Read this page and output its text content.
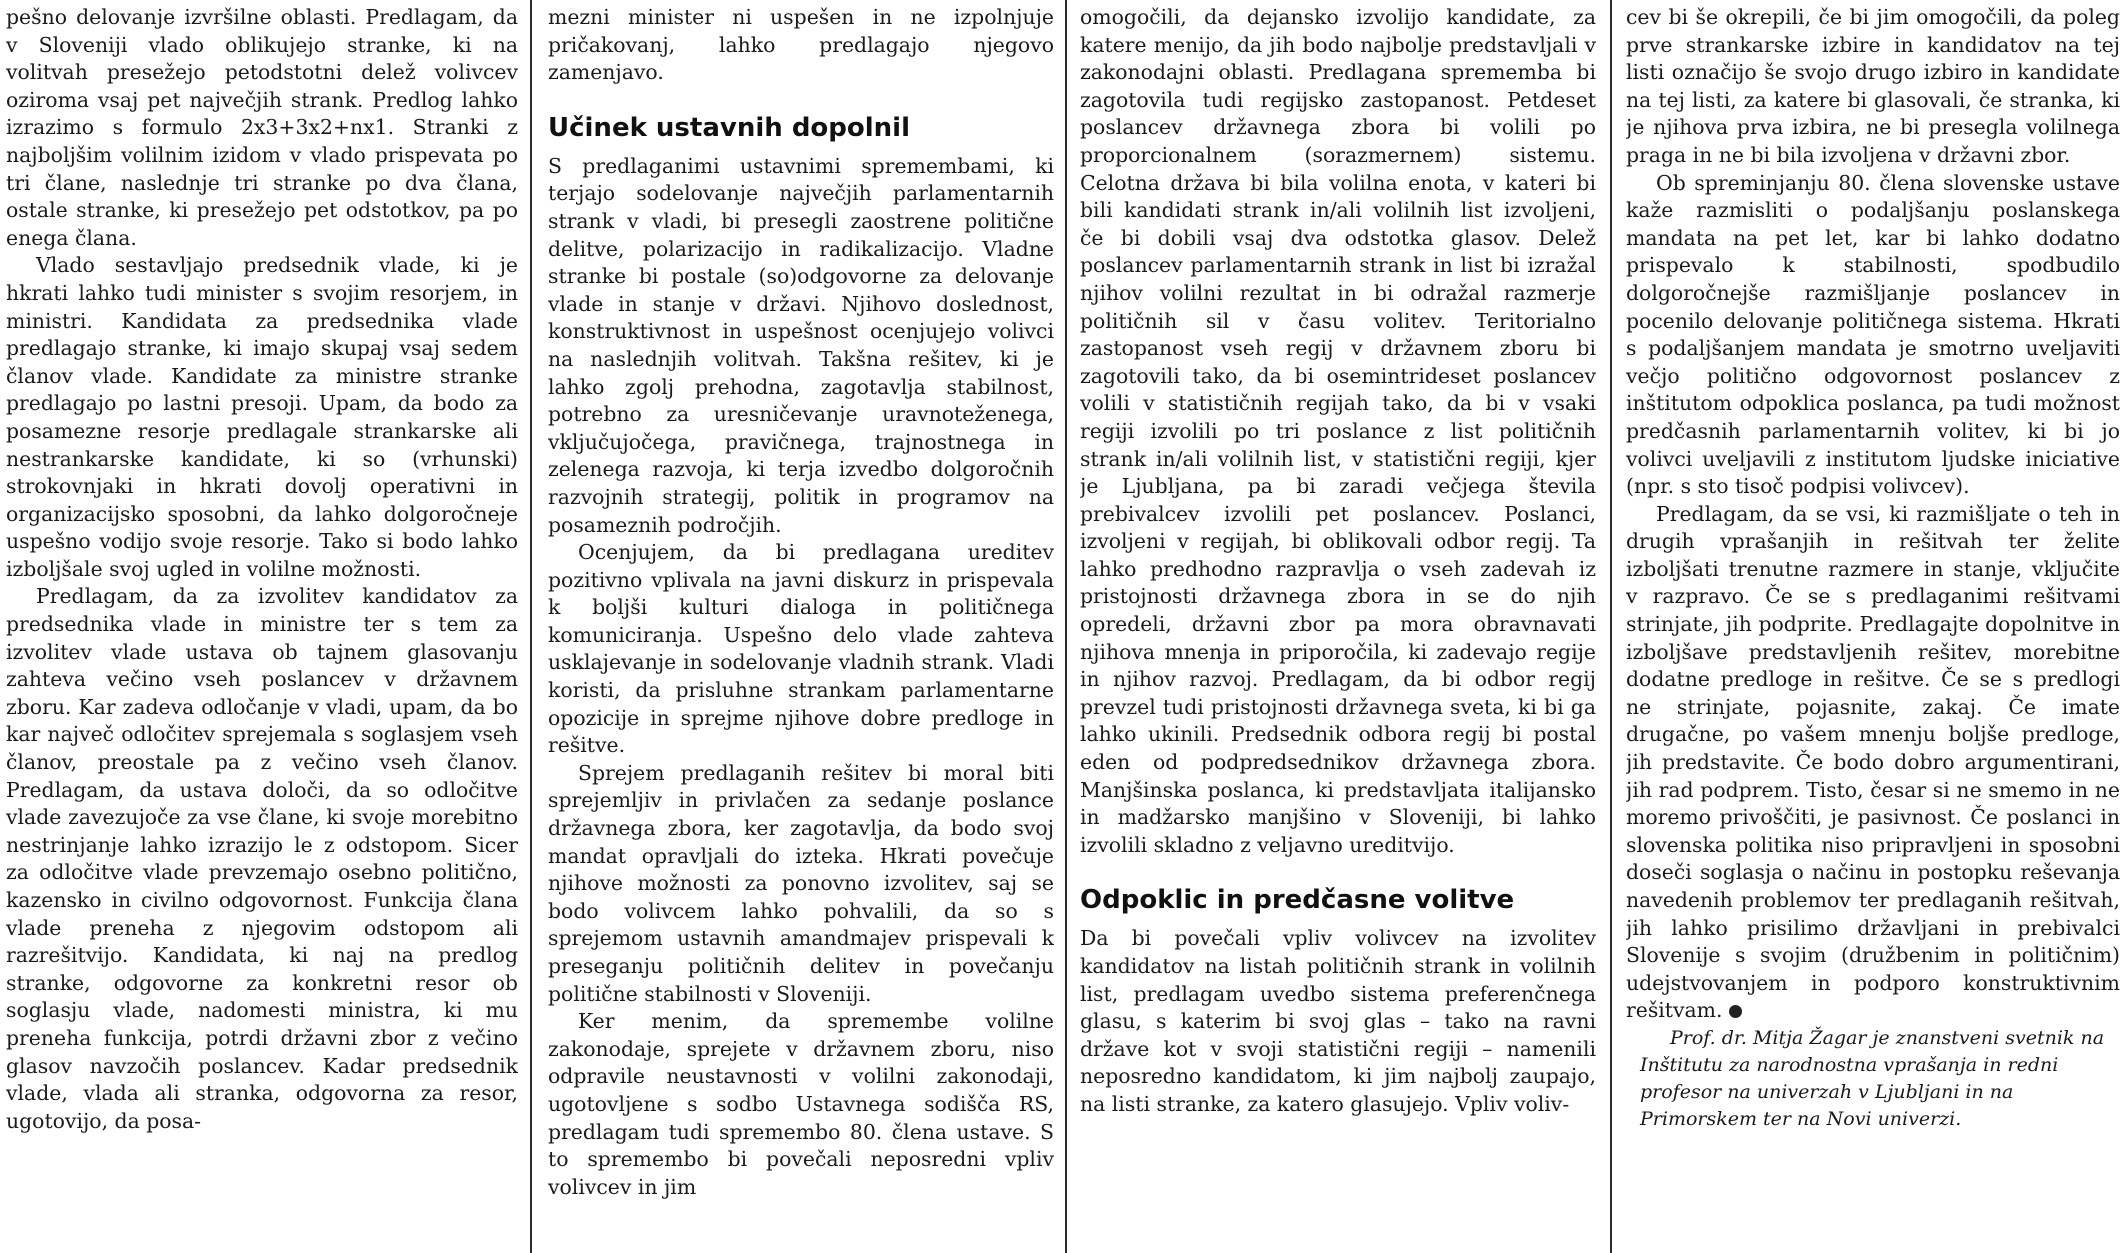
pešno delovanje izvršilne oblasti. Predlagam, da v Sloveniji vlado oblikujejo stranke, ki na volitvah presežejo petodstotni delež volivcev oziroma vsaj pet največjih strank. Predlog lahko izrazimo s formulo 2x3+3x2+nx1. Stranki z najboljšim volilnim izidom v vlado prispevata po tri člane, naslednje tri stranke po dva člana, ostale stranke, ki presežejo pet odstotkov, pa po enega člana.

Vlado sestavljajo predsednik vlade, ki je hkrati lahko tudi minister s svojim resorjem, in ministri. Kandidata za predsednika vlade predlagajo stranke, ki imajo skupaj vsaj sedem članov vlade. Kandidate za ministre stranke predlagajo po lastni presoji. Upam, da bodo za posamezne resorje predlagale strankarske ali nestrankarske kandidate, ki so (vrhunski) strokovnjaki in hkrati dovolj operativni in organizacijsko sposobni, da lahko dolgoročneje uspešno vodijo svoje resorje. Tako si bodo lahko izboljšale svoj ugled in volilne možnosti.

Predlagam, da za izvolitev kandidatov za predsednika vlade in ministre ter s tem za izvolitev vlade ustava ob tajnem glasovanju zahteva večino vseh poslancev v državnem zboru. Kar zadeva odločanje v vladi, upam, da bo kar največ odločitev sprejemala s soglasjem vseh članov, preostale pa z večino vseh članov. Predlagam, da ustava določi, da so odločitve vlade zavezujoče za vse člane, ki svoje morebitno nestrinjanje lahko izrazijo le z odstopom. Sicer za odločitve vlade prevzemajo osebno politično, kazensko in civilno odgovornost. Funkcija člana vlade preneha z njegovim odstopom ali razrešitvijo. Kandidata, ki naj na predlog stranke, odgovorne za konkretni resor ob soglasju vlade, nadomesti ministra, ki mu preneha funkcija, potrdi državni zbor z večino glasov navzočih poslancev. Kadar predsednik vlade, vlada ali stranka, odgovorna za resor, ugotovijo, da posa-

mezni minister ni uspešen in ne izpolnjuje pričakovanj, lahko predlagajo njegovo zamenjavo.

Učinek ustavnih dopolnil

S predlaganimi ustavnimi spremembami, ki terjajo sodelovanje največjih parlamentarnih strank v vladi, bi presegli zaostrene politične delitve, polarizacijo in radikalizacijo. Vladne stranke bi postale (so)odgovorne za delovanje vlade in stanje v državi. Njihovo doslednost, konstruktivnost in uspešnost ocenjujejo volivci na naslednjih volitvah. Takšna rešitev, ki je lahko zgolj prehodna, zagotavlja stabilnost, potrebno za uresničevanje uravnoteženega, vključujočega, pravičnega, trajnostnega in zelenega razvoja, ki terja izvedbo dolgoročnih razvojnih strategij, politik in programov na posameznih področjih.

Ocenjujem, da bi predlagana ureditev pozitivno vplivala na javni diskurz in prispevala k boljši kulturi dialoga in političnega komuniciranja. Uspešno delo vlade zahteva usklajevanje in sodelovanje vladnih strank. Vladi koristi, da prisluhne strankam parlamentarne opozicije in sprejme njihove dobre predloge in rešitve.

Sprejem predlaganih rešitev bi moral biti sprejemljiv in privlačen za sedanje poslance državnega zbora, ker zagotavlja, da bodo svoj mandat opravljali do izteka. Hkrati povečuje njihove možnosti za ponovno izvolitev, saj se bodo volivcem lahko pohvalili, da so s sprejemom ustavnih amandmajev prispevali k preseganju političnih delitev in povečanju politične stabilnosti v Sloveniji.

Ker menim, da spremembe volilne zakonodaje, sprejete v državnem zboru, niso odpravile neustavnosti v volilni zakonodaji, ugotovljene s sodbo Ustavnega sodišča RS, predlagam tudi spremembo 80. člena ustave. S to spremembo bi povečali neposredni vpliv volivcev in jim

omogočili, da dejansko izvolijo kandidate, za katere menijo, da jih bodo najbolje predstavljali v zakonodajni oblasti. Predlagana sprememba bi zagotovila tudi regijsko zastopanost. Petdeset poslancev državnega zbora bi volili po proporcionalnem (sorazmernem) sistemu. Celotna država bi bila volilna enota, v kateri bi bili kandidati strank in/ali volilnih list izvoljeni, če bi dobili vsaj dva odstotka glasov. Delež poslancev parlamentarnih strank in list bi izražal njihov volilni rezultat in bi odražal razmerje političnih sil v času volitev. Teritorialno zastopanost vseh regij v državnem zboru bi zagotovili tako, da bi osemintrideset poslancev volili v statističnih regijah tako, da bi v vsaki regiji izvolili po tri poslance z list političnih strank in/ali volilnih list, v statistični regiji, kjer je Ljubljana, pa bi zaradi večjega števila prebivalcev izvolili pet poslancev. Poslanci, izvoljeni v regijah, bi oblikovali odbor regij. Ta lahko predhodno razpravlja o vseh zadevah iz pristojnosti državnega zbora in se do njih opredeli, državni zbor pa mora obravnavati njihova mnenja in priporočila, ki zadevajo regije in njihov razvoj. Predlagam, da bi odbor regij prevzel tudi pristojnosti državnega sveta, ki bi ga lahko ukinili. Predsednik odbora regij bi postal eden od podpredsednikov državnega zbora. Manjšinska poslanca, ki predstavljata italijansko in madžarsko manjšino v Sloveniji, bi lahko izvolili skladno z veljavno ureditvijo.

Odpoklic in predčasne volitve

Da bi povečali vpliv volivcev na izvolitev kandidatov na listah političnih strank in volilnih list, predlagam uvedbo sistema preferenčnega glasu, s katerim bi svoj glas – tako na ravni države kot v svoji statistični regiji – namenili neposredno kandidatom, ki jim najbolj zaupajo, na listi stranke, za katero glasujejo. Vpliv voliv-

cev bi še okrepili, če bi jim omogočili, da poleg prve strankarske izbire in kandidatov na tej listi označijo še svojo drugo izbiro in kandidate na tej listi, za katere bi glasovali, če stranka, ki je njihova prva izbira, ne bi presegla volilnega praga in ne bi bila izvoljena v državni zbor.

Ob spreminjanju 80. člena slovenske ustave kaže razmisliti o podaljšanju poslanskega mandata na pet let, kar bi lahko dodatno prispevalo k stabilnosti, spodbudilo dolgoročnejše razmišljanje poslancev in pocenilo delovanje političnega sistema. Hkrati s podaljšanjem mandata je smotrno uveljaviti večjo politično odgovornost poslancev z inštitutom odpoklica poslanca, pa tudi možnost predčasnih parlamentarnih volitev, ki bi jo volivci uveljavili z institutom ljudske iniciative (npr. s sto tisoč podpisi volivcev).

Predlagam, da se vsi, ki razmišljate o teh in drugih vprašanjih in rešitvah ter želite izboljšati trenutne razmere in stanje, vključite v razpravo. Če se s predlaganimi rešitvami strinjate, jih podprite. Predlagajte dopolnitve in izboljšave predstavljenih rešitev, morebitne dodatne predloge in rešitve. Če se s predlogi ne strinjate, pojasnite, zakaj. Če imate drugačne, po vašem mnenju boljše predloge, jih predstavite. Če bodo dobro argumentirani, jih rad podprem. Tisto, česar si ne smemo in ne moremo privoščiti, je pasivnost. Če poslanci in slovenska politika niso pripravljeni in sposobni doseči soglasja o načinu in postopku reševanja navedenih problemov ter predlaganih rešitvah, jih lahko prisilimo državljani in prebivalci Slovenije s svojim (družbenim in političnim) udejstvovanjem in podporo konstruktivnim rešitvam.

Prof. dr. Mitja Žagar je znanstveni svetnik na Inštitutu za narodnostna vprašanja in redni profesor na univerzah v Ljubljani in na Primorskem ter na Novi univerzi.
